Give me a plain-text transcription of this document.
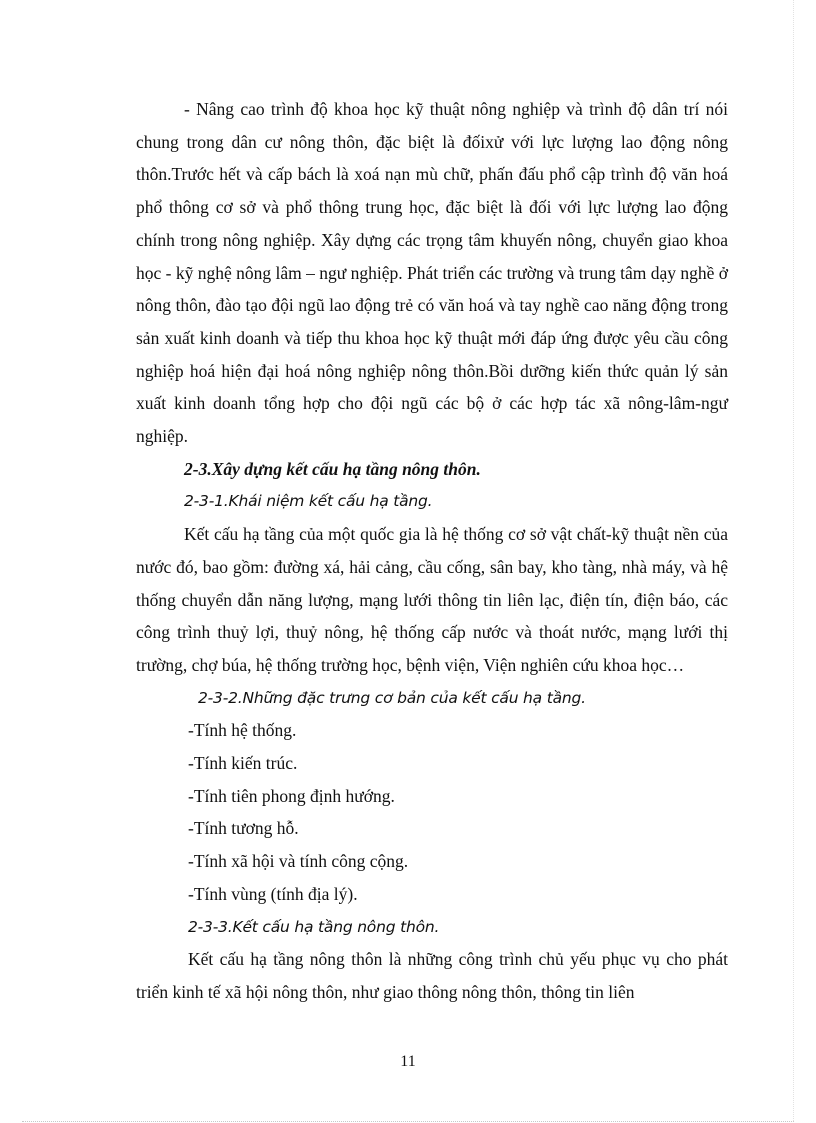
- Nâng cao trình độ khoa học kỹ thuật nông nghiệp và trình độ dân trí nói chung trong dân cư nông thôn, đặc biệt là đốixử với lực lượng lao động nông thôn.Trước hết và cấp bách là xoá nạn mù chữ, phấn đấu phổ cập trình độ văn hoá phổ thông cơ sở và phổ thông trung học, đặc biệt là đối với lực lượng lao động chính trong nông nghiệp. Xây dựng các trọng tâm khuyến nông, chuyển giao khoa học - kỹ nghệ nông lâm – ngư nghiệp. Phát triển các trường và trung tâm dạy nghề ở nông thôn, đào tạo đội ngũ lao động trẻ có văn hoá và tay nghề cao năng động trong sản xuất kinh doanh và tiếp thu khoa học kỹ thuật mới đáp ứng được yêu cầu công nghiệp hoá hiện đại hoá nông nghiệp nông thôn.Bồi dưỡng kiến thức quản lý sản xuất kinh doanh tổng hợp cho đội ngũ các bộ ở các hợp tác xã nông-lâm-ngư nghiệp.

2-3.Xây dựng kết cấu hạ tầng nông thôn.

2-3-1.Khái niệm kết cấu hạ tầng.

Kết cấu hạ tầng của một quốc gia là hệ thống cơ sở vật chất-kỹ thuật nền của nước đó, bao gồm: đường xá, hải cảng, cầu cống, sân bay, kho tàng, nhà máy, và hệ thống chuyển dẫn năng lượng, mạng lưới thông tin liên lạc, điện tín, điện báo, các công trình thuỷ lợi, thuỷ nông, hệ thống cấp nước và thoát nước, mạng lưới thị trường, chợ búa, hệ thống trường học, bệnh viện, Viện nghiên cứu khoa học…

2-3-2.Những đặc trưng cơ bản của kết cấu hạ tầng.

-Tính hệ thống.

-Tính kiến trúc.

-Tính tiên phong định hướng.

-Tính tương hỗ.

-Tính xã hội và tính công cộng.

-Tính vùng (tính địa lý).

2-3-3.Kết cấu hạ tầng nông thôn.

Kết cấu hạ tầng nông thôn là những công trình chủ yếu phục vụ cho phát triển kinh tế xã hội nông thôn, như giao thông nông thôn, thông tin liên

11
